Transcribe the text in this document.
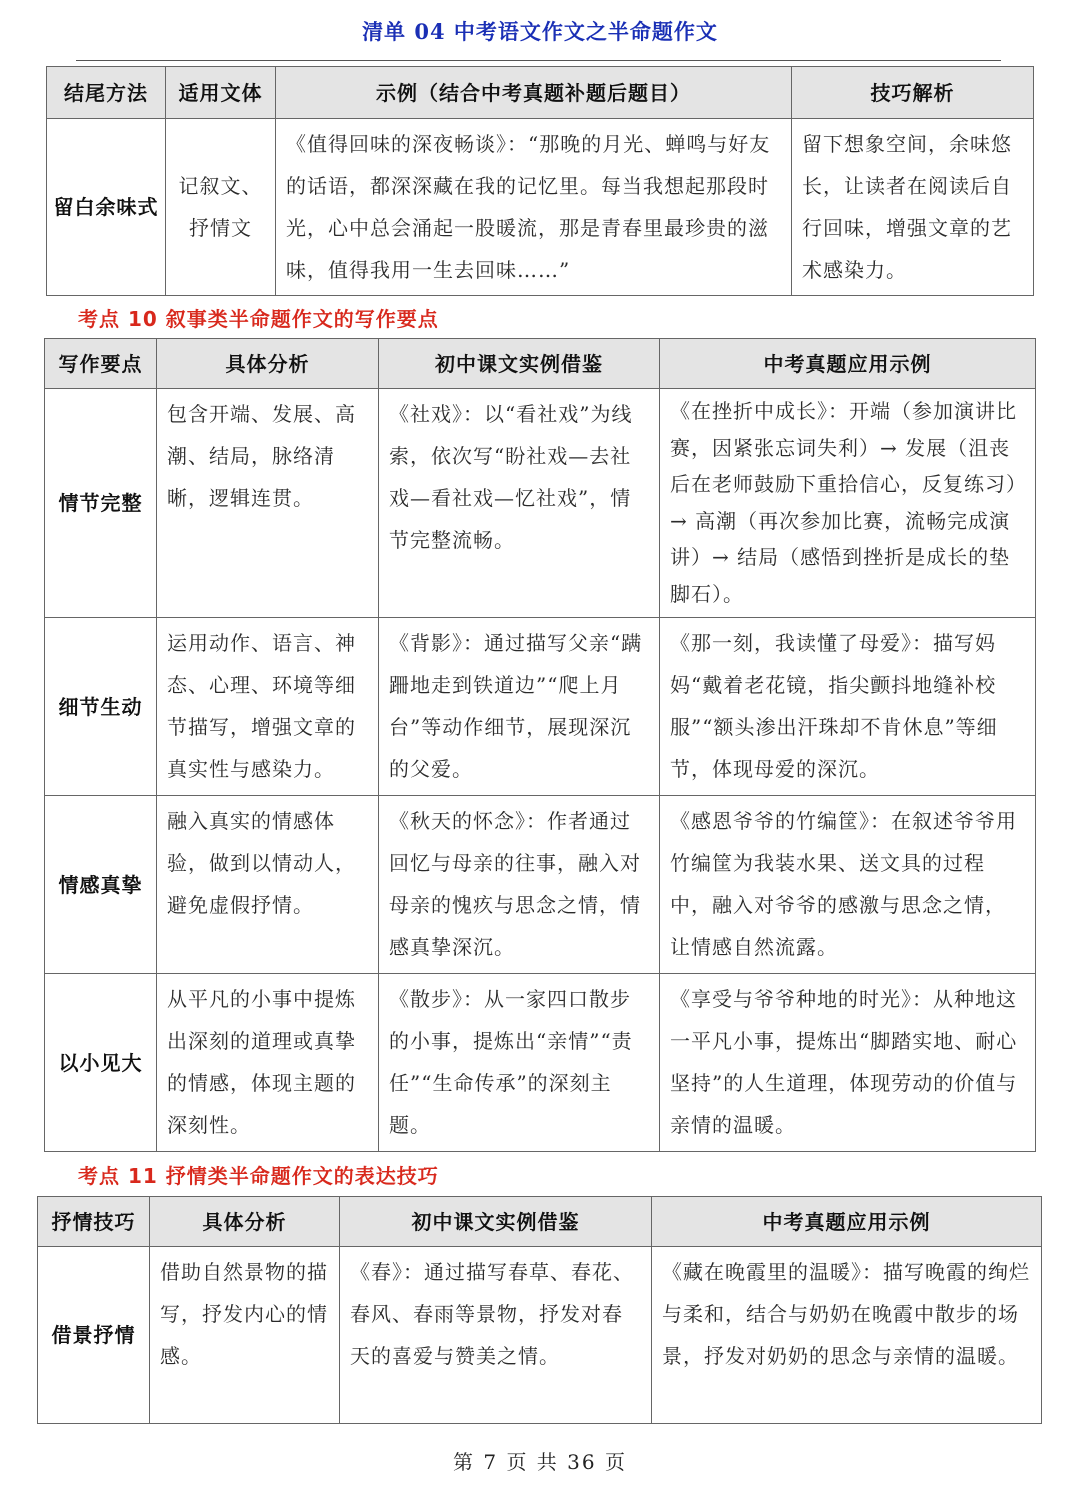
清单 04 中考语文作文之半命题作文
结尾方法	适用文体	示例（结合中考真题补题后题目）	技巧解析
留白余味式	记叙文、抒情文	《值得回味的深夜畅谈》：“那晚的月光、蝉鸣与好友的话语，都深深藏在我的记忆里。每当我想起那段时光，心中总会涌起一股暖流，那是青春里最珍贵的滋味，值得我用一生去回味……”	留下想象空间，余味悠长，让读者在阅读后自行回味，增强文章的艺术感染力。
考点 10 叙事类半命题作文的写作要点
写作要点	具体分析	初中课文实例借鉴	中考真题应用示例
情节完整	包含开端、发展、高潮、结局，脉络清晰，逻辑连贯。	《社戏》：以“看社戏”为线索，依次写“盼社戏—去社戏—看社戏—忆社戏”，情节完整流畅。	《在挫折中成长》：开端（参加演讲比赛，因紧张忘词失利）→ 发展（沮丧后在老师鼓励下重拾信心，反复练习）→ 高潮（再次参加比赛，流畅完成演讲）→ 结局（感悟到挫折是成长的垫脚石）。
细节生动	运用动作、语言、神态、心理、环境等细节描写，增强文章的真实性与感染力。	《背影》：通过描写父亲“蹒跚地走到铁道边”“爬上月台”等动作细节，展现深沉的父爱。	《那一刻，我读懂了母爱》：描写妈妈“戴着老花镜，指尖颤抖地缝补校服”“额头渗出汗珠却不肯休息”等细节，体现母爱的深沉。
情感真挚	融入真实的情感体验，做到以情动人，避免虚假抒情。	《秋天的怀念》：作者通过回忆与母亲的往事，融入对母亲的愧疚与思念之情，情感真挚深沉。	《感恩爷爷的竹编筐》：在叙述爷爷用竹编筐为我装水果、送文具的过程中，融入对爷爷的感激与思念之情，让情感自然流露。
以小见大	从平凡的小事中提炼出深刻的道理或真挚的情感，体现主题的深刻性。	《散步》：从一家四口散步的小事，提炼出“亲情”“责任”“生命传承”的深刻主题。	《享受与爷爷种地的时光》：从种地这一平凡小事，提炼出“脚踏实地、耐心坚持”的人生道理，体现劳动的价值与亲情的温暖。
考点 11 抒情类半命题作文的表达技巧
抒情技巧	具体分析	初中课文实例借鉴	中考真题应用示例
借景抒情	借助自然景物的描写，抒发内心的情感。	《春》：通过描写春草、春花、春风、春雨等景物，抒发对春天的喜爱与赞美之情。	《藏在晚霞里的温暖》：描写晚霞的绚烂与柔和，结合与奶奶在晚霞中散步的场景，抒发对奶奶的思念与亲情的温暖。
第 7 页 共 36 页
